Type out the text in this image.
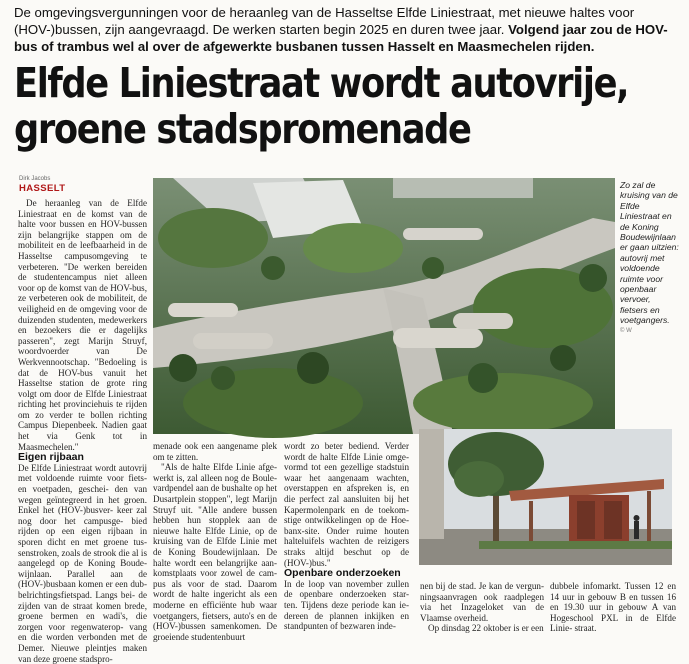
De omgevingsvergunningen voor de heraanleg van de Hasseltse Elfde Liniestraat, met nieuwe haltes voor (HOV-)bussen, zijn aangevraagd. De werken starten begin 2025 en duren twee jaar. Volgend jaar zou de HOV-bus of trambus wel al over de afgewerkte busbanen tussen Hasselt en Maasmechelen rijden.
Elfde Liniestraat wordt autovrije,
groene stadspromenade
Dirk Jacobs
HASSELT

De heraanleg van de Elfde Liniestraat en de komst van de halte voor bussen en HOV-bussen zijn belangrijke stappen om de mobiliteit en de leefbaarheid in de Hasseltse campusomgeving te verbeteren. "De werken bereiden de studentencampus niet alleen voor op de komst van de HOV-bus, ze verbeteren ook de mobiliteit, de veiligheid en de omgeving voor de duizenden studenten, medewerkers en bezoekers die er dagelijks passeren", zegt Marijn Struyf, woordvoerder van De Werkvennootschap. "Bedoeling is dat de HOV-bus vanuit het Hasseltse station de grote ring volgt om door de Elfde Liniestraat richting het provinciehuis te rijden om zo verder te bollen richting Campus Diepenbeek. Nadien gaat het via Genk tot in Maasmechelen."

Eigen rijbaan

De Elfde Liniestraat wordt autovrij met voldoende ruimte voor fiets- en voetpaden, geschei- den van wegen geïntegreerd in het groen. Enkel het (HOV-)busver- keer zal nog door het campusge- bied rijden op een eigen rijbaan in sporen dicht en met groene tus- senstroken, zoals de strook die al is aangelegd op de Koning Boude- wijnlaan. Parallel aan de (HOV-)busbaan komen er een dub- belrichtingsfietspad. Langs bei- de zijden van de straat komen brede, groene bermen en wadi's, die zorgen voor regenwaterop- vang en die worden verbonden met de Demer. Nieuwe pleintjes maken van deze groene stadspro-

Zo zal de kruising van de Elfde Liniestraat en de Koning Boudewijnlaan er gaan uitzien: autovrij met voldoende ruimte voor openbaar vervoer, fietsers en voetgangers.
© W

menade ook een aangename plek om te zitten.

"Als de halte Elfde Linie afge- werkt is, zal alleen nog de Boule- vardpendel aan de bushalte op het Dusartplein stoppen", legt Marijn Struyf uit. "Alle andere bussen hebben hun stopplek aan de nieuwe halte Elfde Linie, op de kruising van de Elfde Linie met de Koning Boudewijnlaan. De halte wordt een belangrijke aan- komstplaats voor zowel de cam- pus als voor de stad. Daarom wordt de halte ingericht als een moderne en efficiënte hub waar voetgangers, fietsers, auto's en de (HOV-)bussen samenkomen. De groeiende studentenbuurt

wordt zo beter bediend. Verder wordt de halte Elfde Linie omge- vormd tot een gezellige stadstuin waar het aangenaam wachten, overstappen en afspreken is, en die perfect zal aansluiten bij het Kapermolenpark en de toekom- stige ontwikkelingen op de Hoe- banx-site. Onder ruime houten halteluifels wachten de reizigers straks altijd beschut op de (HOV-)bus."

Openbare onderzoeken

In de loop van november zullen de openbare onderzoeken star- ten. Tijdens deze periode kan ie- dereen de plannen inkijken en standpunten of bezwaren inde-

nen bij de stad. Je kan de vergun- ningsaanvragen ook raadplegen via het Inzageloket van de Vlaamse overheid.

Op dinsdag 22 oktober is er een

dubbele infomarkt. Tussen 12 en 14 uur in gebouw B en tussen 16 en 19.30 uur in gebouw A van Hogeschool PXL in de Elfde Linie- straat.
